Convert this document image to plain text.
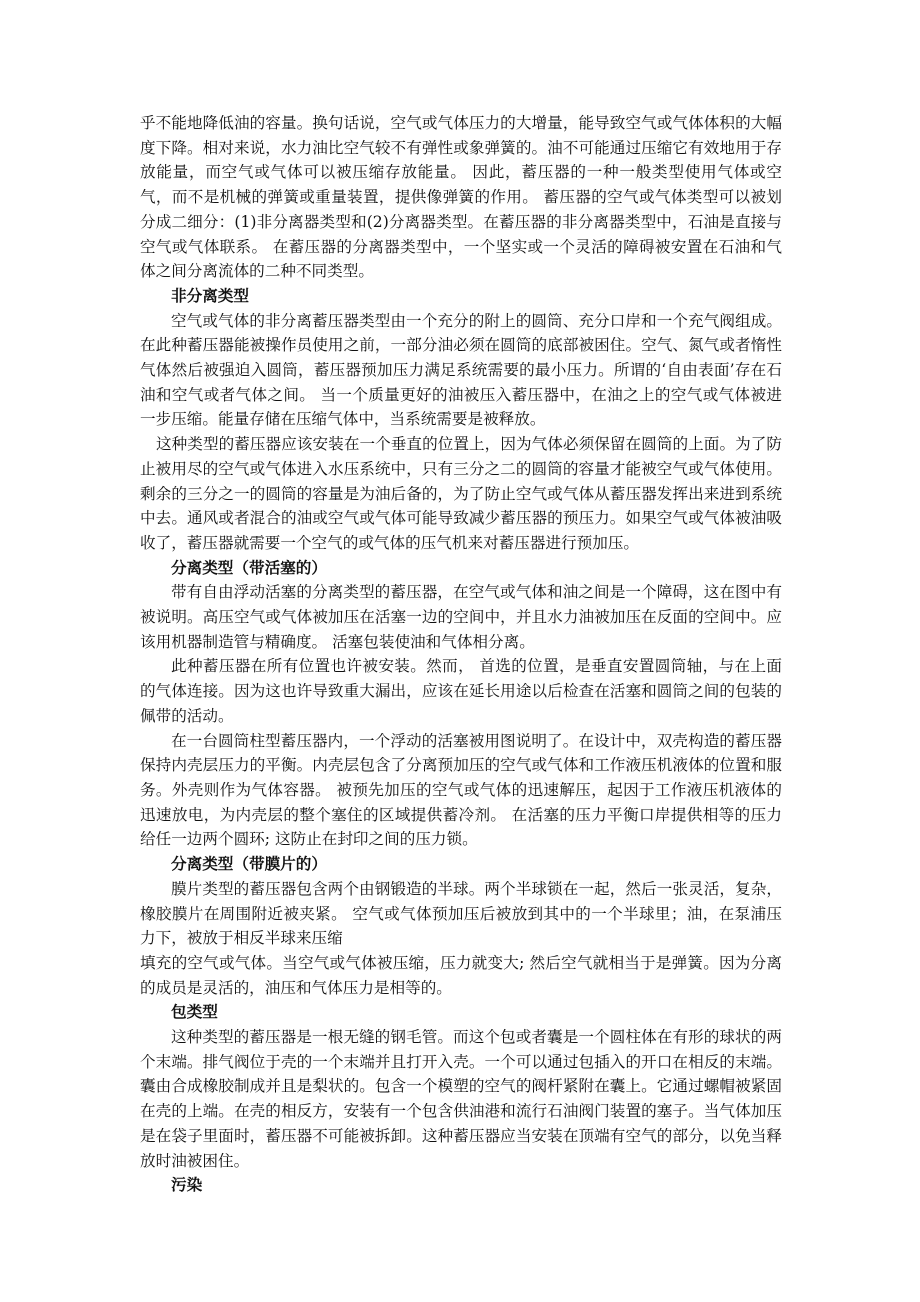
乎不能地降低油的容量。换句话说，空气或气体压力的大增量，能导致空气或气体体积的大幅度下降。相对来说，水力油比空气较不有弹性或象弹簧的。油不可能通过压缩它有效地用于存放能量，而空气或气体可以被压缩存放能量。 因此，蓄压器的一种一般类型使用气体或空气，而不是机械的弹簧或重量装置，提供像弹簧的作用。 蓄压器的空气或气体类型可以被划分成二细分：(1)非分离器类型和(2)分离器类型。在蓄压器的非分离器类型中，石油是直接与空气或气体联系。 在蓄压器的分离器类型中，一个坚实或一个灵活的障碍被安置在石油和气体之间分离流体的二种不同类型。

非分离类型

空气或气体的非分离蓄压器类型由一个充分的附上的圆筒、充分口岸和一个充气阀组成。在此种蓄压器能被操作员使用之前，一部分油必须在圆筒的底部被困住。空气、氮气或者惰性气体然后被强迫入圆筒，蓄压器预加压力满足系统需要的最小压力。所谓的‘自由表面’存在石油和空气或者气体之间。 当一个质量更好的油被压入蓄压器中，在油之上的空气或气体被进一步压缩。能量存储在压缩气体中，当系统需要是被释放。

这种类型的蓄压器应该安装在一个垂直的位置上，因为气体必须保留在圆筒的上面。为了防止被用尽的空气或气体进入水压系统中，只有三分之二的圆筒的容量才能被空气或气体使用。剩余的三分之一的圆筒的容量是为油后备的，为了防止空气或气体从蓄压器发挥出来进到系统中去。通风或者混合的油或空气或气体可能导致减少蓄压器的预压力。如果空气或气体被油吸收了，蓄压器就需要一个空气的或气体的压气机来对蓄压器进行预加压。

分离类型（带活塞的）

带有自由浮动活塞的分离类型的蓄压器，在空气或气体和油之间是一个障碍，这在图中有被说明。高压空气或气体被加压在活塞一边的空间中，并且水力油被加压在反面的空间中。应该用机器制造管与精确度。 活塞包装使油和气体相分离。

此种蓄压器在所有位置也许被安装。然而， 首选的位置，是垂直安置圆筒轴，与在上面的气体连接。因为这也许导致重大漏出，应该在延长用途以后检查在活塞和圆筒之间的包装的佩带的活动。

在一台圆筒柱型蓄压器内，一个浮动的活塞被用图说明了。在设计中，双壳构造的蓄压器保持内壳层压力的平衡。内壳层包含了分离预加压的空气或气体和工作液压机液体的位置和服务。外壳则作为气体容器。 被预先加压的空气或气体的迅速解压，起因于工作液压机液体的迅速放电，为内壳层的整个塞住的区域提供蓄冷剂。 在活塞的压力平衡口岸提供相等的压力给任一边两个圆环; 这防止在封印之间的压力锁。

分离类型（带膜片的）

膜片类型的蓄压器包含两个由钢锻造的半球。两个半球锁在一起，然后一张灵活，复杂，橡胶膜片在周围附近被夹紧。 空气或气体预加压后被放到其中的一个半球里；油，在泵浦压力下，被放于相反半球来压缩

填充的空气或气体。当空气或气体被压缩，压力就变大; 然后空气就相当于是弹簧。因为分离的成员是灵活的，油压和气体压力是相等的。

包类型

这种类型的蓄压器是一根无缝的钢毛管。而这个包或者囊是一个圆柱体在有形的球状的两个末端。排气阀位于壳的一个末端并且打开入壳。一个可以通过包插入的开口在相反的末端。囊由合成橡胶制成并且是梨状的。包含一个模塑的空气的阀杆紧附在囊上。它通过螺帽被紧固在壳的上端。在壳的相反方，安装有一个包含供油港和流行石油阀门装置的塞子。当气体加压是在袋子里面时，蓄压器不可能被拆卸。这种蓄压器应当安装在顶端有空气的部分，以免当释放时油被困住。

污染
